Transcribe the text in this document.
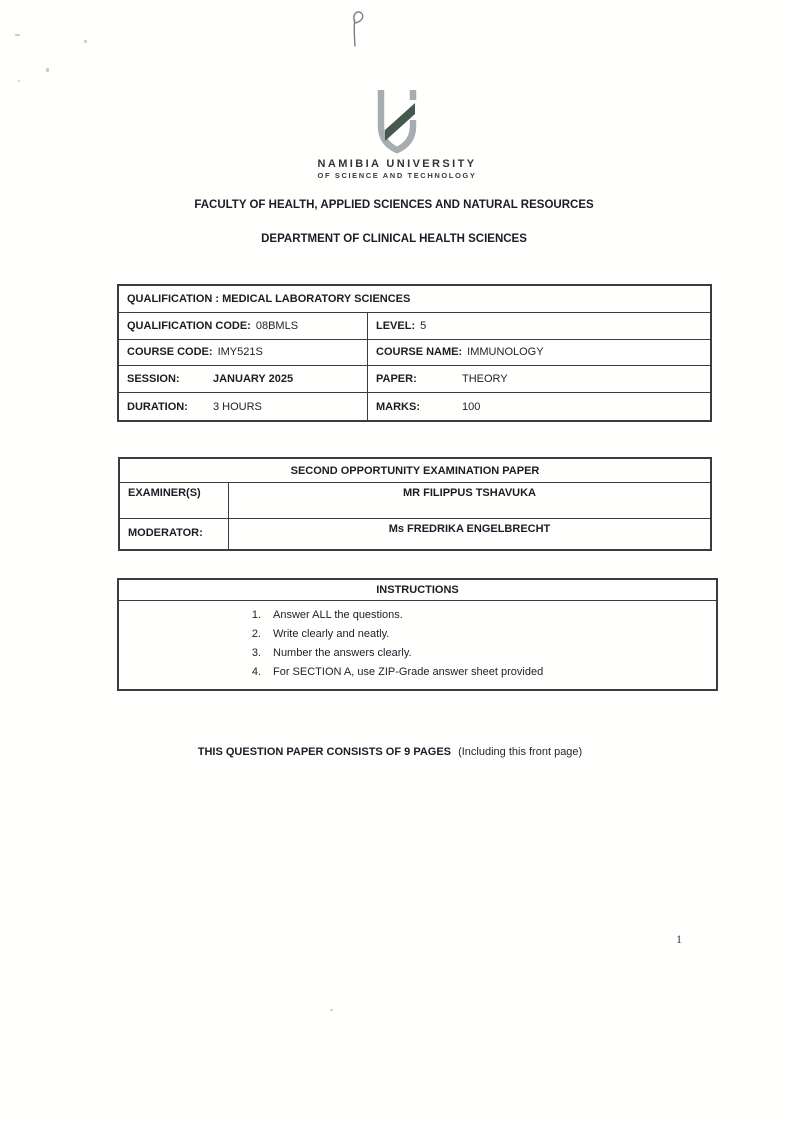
NAMIBIA UNIVERSITY
OF SCIENCE AND TECHNOLOGY
FACULTY OF HEALTH, APPLIED SCIENCES AND NATURAL RESOURCES
DEPARTMENT OF CLINICAL HEALTH SCIENCES
QUALIFICATION : MEDICAL LABORATORY SCIENCES
QUALIFICATION CODE: 08BMLS	LEVEL: 5
COURSE CODE: IMY521S	COURSE NAME: IMMUNOLOGY
SESSION:	JANUARY 2025	PAPER:	THEORY
DURATION:	3 HOURS	MARKS:	100
SECOND OPPORTUNITY EXAMINATION PAPER
EXAMINER(S)	MR FILIPPUS TSHAVUKA
MODERATOR:	Ms FREDRIKA ENGELBRECHT
INSTRUCTIONS
1. Answer ALL the questions.
2. Write clearly and neatly.
3. Number the answers clearly.
4. For SECTION A, use ZIP-Grade answer sheet provided
THIS QUESTION PAPER CONSISTS OF 9 PAGES (Including this front page)
1
